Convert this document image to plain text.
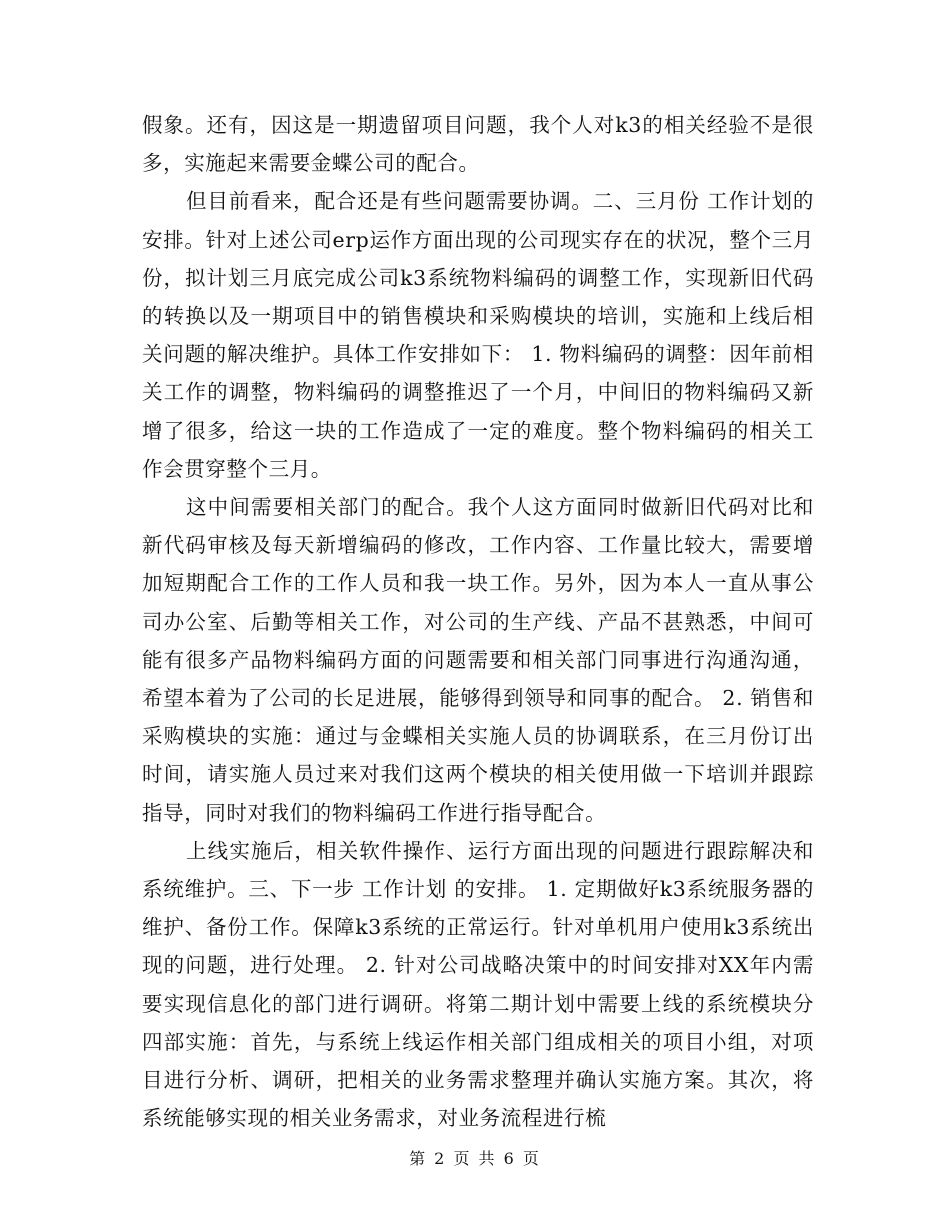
假象。还有，因这是一期遗留项目问题，我个人对k3的相关经验不是很多，实施起来需要金蝶公司的配合。

但目前看来，配合还是有些问题需要协调。二、三月份 工作计划的安排。针对上述公司erp运作方面出现的公司现实存在的状况，整个三月份，拟计划三月底完成公司k3系统物料编码的调整工作，实现新旧代码的转换以及一期项目中的销售模块和采购模块的培训，实施和上线后相关问题的解决维护。具体工作安排如下： 1. 物料编码的调整：因年前相关工作的调整，物料编码的调整推迟了一个月，中间旧的物料编码又新增了很多，给这一块的工作造成了一定的难度。整个物料编码的相关工作会贯穿整个三月。

这中间需要相关部门的配合。我个人这方面同时做新旧代码对比和新代码审核及每天新增编码的修改，工作内容、工作量比较大，需要增加短期配合工作的工作人员和我一块工作。另外，因为本人一直从事公司办公室、后勤等相关工作，对公司的生产线、产品不甚熟悉，中间可能有很多产品物料编码方面的问题需要和相关部门同事进行沟通沟通，希望本着为了公司的长足进展，能够得到领导和同事的配合。 2. 销售和采购模块的实施：通过与金蝶相关实施人员的协调联系，在三月份订出时间，请实施人员过来对我们这两个模块的相关使用做一下培训并跟踪指导，同时对我们的物料编码工作进行指导配合。

上线实施后，相关软件操作、运行方面出现的问题进行跟踪解决和系统维护。三、下一步 工作计划 的安排。 1. 定期做好k3系统服务器的维护、备份工作。保障k3系统的正常运行。针对单机用户使用k3系统出现的问题，进行处理。 2. 针对公司战略决策中的时间安排对XX年内需要实现信息化的部门进行调研。将第二期计划中需要上线的系统模块分四部实施：首先，与系统上线运作相关部门组成相关的项目小组，对项目进行分析、调研，把相关的业务需求整理并确认实施方案。其次，将系统能够实现的相关业务需求，对业务流程进行梳

第 2 页 共 6 页
